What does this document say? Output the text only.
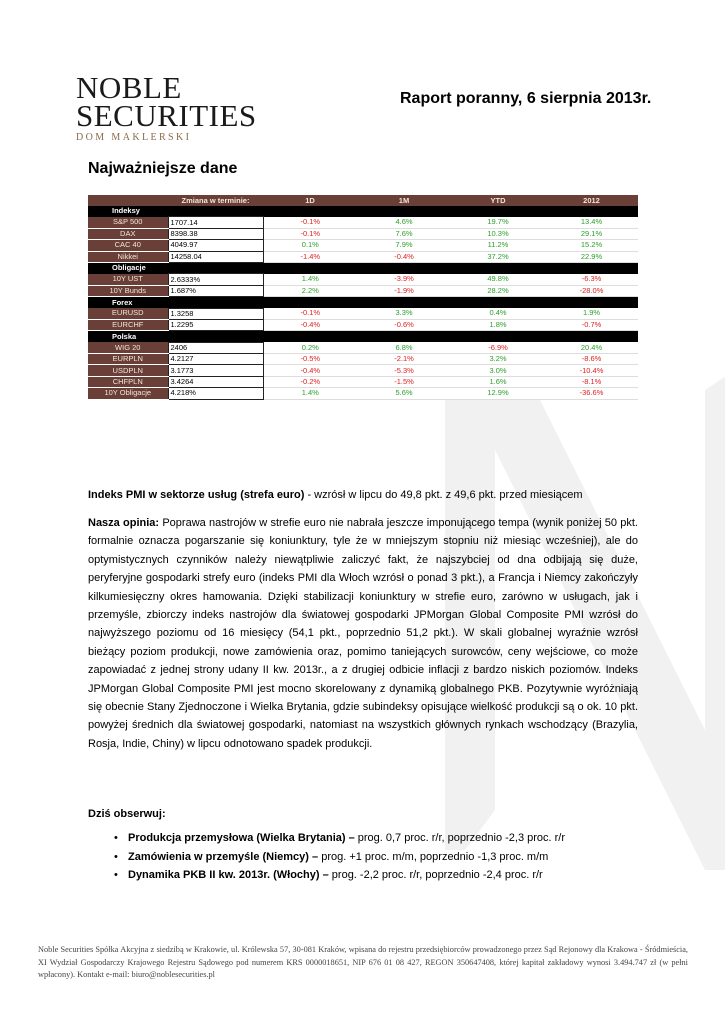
NOBLE
SECURITIES
DOM MAKLERSKI
Raport poranny, 6 sierpnia 2013r.
Najważniejsze dane
	Zmiana w terminie:	1D	1M	YTD	2012
Indeksy					
S&P 500	1707.14	-0.1%	4.6%	19.7%	13.4%
DAX	8398.38	-0.1%	7.6%	10.3%	29.1%
CAC 40	4049.97	0.1%	7.9%	11.2%	15.2%
Nikkei	14258.04	-1.4%	-0.4%	37.2%	22.9%
Obligacje					
10Y UST	2.6333%	1.4%	-3.9%	49.8%	-6.3%
10Y Bunds	1.687%	2.2%	-1.9%	28.2%	-28.0%
Forex					
EURUSD	1.3258	-0.1%	3.3%	0.4%	1.9%
EURCHF	1.2295	-0.4%	-0.6%	1.8%	-0.7%
Polska					
WIG 20	2406	0.2%	6.8%	-6.9%	20.4%
EURPLN	4.2127	-0.5%	-2.1%	3.2%	-8.6%
USDPLN	3.1773	-0.4%	-5.3%	3.0%	-10.4%
CHFPLN	3.4264	-0.2%	-1.5%	1.6%	-8.1%
10Y Obligacje	4.218%	1.4%	5.6%	12.9%	-36.6%
Indeks PMI w sektorze usług (strefa euro) - wzrósł w lipcu do 49,8 pkt. z 49,6 pkt. przed miesiącem
Nasza opinia: Poprawa nastrojów w strefie euro nie nabrała jeszcze imponującego tempa (wynik poniżej 50 pkt. formalnie oznacza pogarszanie się koniunktury, tyle że w mniejszym stopniu niż miesiąc wcześniej), ale do optymistycznych czynników należy niewątpliwie zaliczyć fakt, że najszybciej od dna odbijają się duże, peryferyjne gospodarki strefy euro (indeks PMI dla Włoch wzrósł o ponad 3 pkt.), a Francja i Niemcy zakończyły kilkumiesięczny okres hamowania. Dzięki stabilizacji koniunktury w strefie euro, zarówno w usługach, jak i przemyśle, zbiorczy indeks nastrojów dla światowej gospodarki JPMorgan Global Composite PMI wzrósł do najwyższego poziomu od 16 miesięcy (54,1 pkt., poprzednio 51,2 pkt.). W skali globalnej wyraźnie wzrósł bieżący poziom produkcji, nowe zamówienia oraz, pomimo taniejących surowców, ceny wejściowe, co może zapowiadać z jednej strony udany II kw. 2013r., a z drugiej odbicie inflacji z bardzo niskich poziomów. Indeks JPMorgan Global Composite PMI jest mocno skorelowany z dynamiką globalnego PKB. Pozytywnie wyróżniają się obecnie Stany Zjednoczone i Wielka Brytania, gdzie subindeksy opisujące wielkość produkcji są o ok. 10 pkt. powyżej średnich dla światowej gospodarki, natomiast na wszystkich głównych rynkach wschodzący (Brazylia, Rosja, Indie, Chiny) w lipcu odnotowano spadek produkcji.
Dziś obserwuj:
• Produkcja przemysłowa (Wielka Brytania) – prog. 0,7 proc. r/r, poprzednio -2,3 proc. r/r
• Zamówienia w przemyśle (Niemcy) – prog. +1 proc. m/m, poprzednio -1,3 proc. m/m
• Dynamika PKB II kw. 2013r. (Włochy) – prog. -2,2 proc. r/r, poprzednio -2,4 proc. r/r
Noble Securities Spółka Akcyjna z siedzibą w Krakowie, ul. Królewska 57, 30-081 Kraków, wpisana do rejestru przedsiębiorców prowadzonego przez Sąd Rejonowy dla Krakowa - Śródmieścia, XI Wydział Gospodarczy Krajowego Rejestru Sądowego pod numerem KRS 0000018651, NIP 676 01 08 427, REGON 350647408, której kapitał zakładowy wynosi 3.494.747 zł (w pełni wpłacony). Kontakt e-mail: biuro@noblesecurities.pl
